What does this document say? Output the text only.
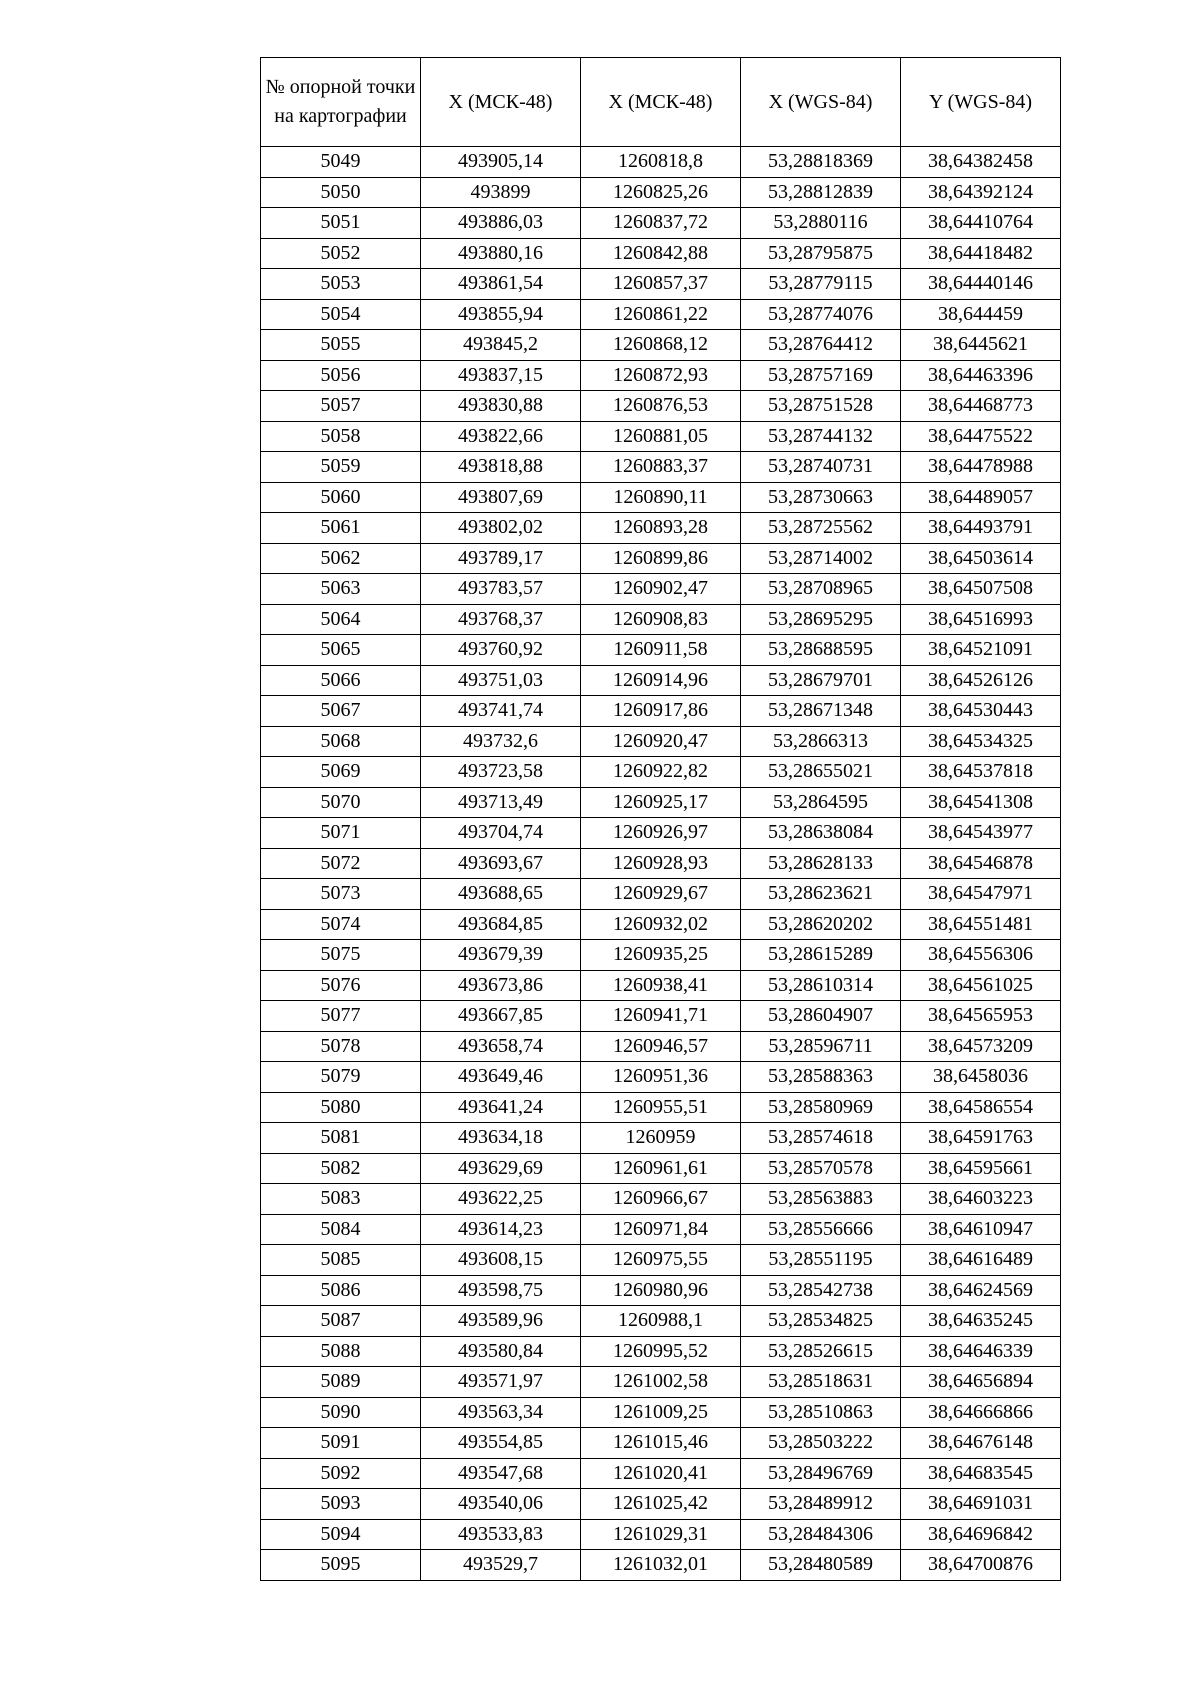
№ опорной точки на картографии	X (МСК-48)	X (МСК-48)	X (WGS-84)	Y (WGS-84)
5049	493905,14	1260818,8	53,28818369	38,64382458
5050	493899	1260825,26	53,28812839	38,64392124
5051	493886,03	1260837,72	53,2880116	38,64410764
5052	493880,16	1260842,88	53,28795875	38,64418482
5053	493861,54	1260857,37	53,28779115	38,64440146
5054	493855,94	1260861,22	53,28774076	38,644459
5055	493845,2	1260868,12	53,28764412	38,6445621
5056	493837,15	1260872,93	53,28757169	38,64463396
5057	493830,88	1260876,53	53,28751528	38,64468773
5058	493822,66	1260881,05	53,28744132	38,64475522
5059	493818,88	1260883,37	53,28740731	38,64478988
5060	493807,69	1260890,11	53,28730663	38,64489057
5061	493802,02	1260893,28	53,28725562	38,64493791
5062	493789,17	1260899,86	53,28714002	38,64503614
5063	493783,57	1260902,47	53,28708965	38,64507508
5064	493768,37	1260908,83	53,28695295	38,64516993
5065	493760,92	1260911,58	53,28688595	38,64521091
5066	493751,03	1260914,96	53,28679701	38,64526126
5067	493741,74	1260917,86	53,28671348	38,64530443
5068	493732,6	1260920,47	53,2866313	38,64534325
5069	493723,58	1260922,82	53,28655021	38,64537818
5070	493713,49	1260925,17	53,2864595	38,64541308
5071	493704,74	1260926,97	53,28638084	38,64543977
5072	493693,67	1260928,93	53,28628133	38,64546878
5073	493688,65	1260929,67	53,28623621	38,64547971
5074	493684,85	1260932,02	53,28620202	38,64551481
5075	493679,39	1260935,25	53,28615289	38,64556306
5076	493673,86	1260938,41	53,28610314	38,64561025
5077	493667,85	1260941,71	53,28604907	38,64565953
5078	493658,74	1260946,57	53,28596711	38,64573209
5079	493649,46	1260951,36	53,28588363	38,6458036
5080	493641,24	1260955,51	53,28580969	38,64586554
5081	493634,18	1260959	53,28574618	38,64591763
5082	493629,69	1260961,61	53,28570578	38,64595661
5083	493622,25	1260966,67	53,28563883	38,64603223
5084	493614,23	1260971,84	53,28556666	38,64610947
5085	493608,15	1260975,55	53,28551195	38,64616489
5086	493598,75	1260980,96	53,28542738	38,64624569
5087	493589,96	1260988,1	53,28534825	38,64635245
5088	493580,84	1260995,52	53,28526615	38,64646339
5089	493571,97	1261002,58	53,28518631	38,64656894
5090	493563,34	1261009,25	53,28510863	38,64666866
5091	493554,85	1261015,46	53,28503222	38,64676148
5092	493547,68	1261020,41	53,28496769	38,64683545
5093	493540,06	1261025,42	53,28489912	38,64691031
5094	493533,83	1261029,31	53,28484306	38,64696842
5095	493529,7	1261032,01	53,28480589	38,64700876
